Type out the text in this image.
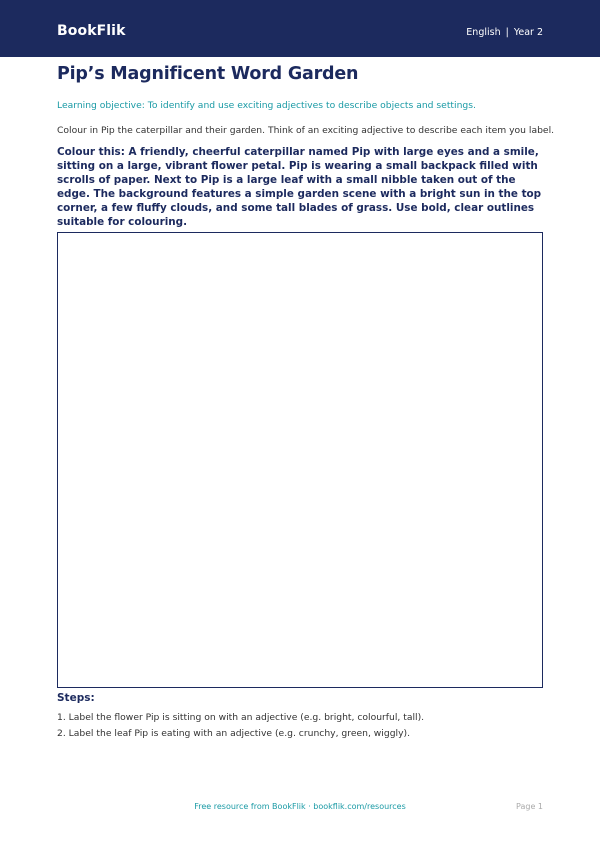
BookFlik	English | Year 2
Pip’s Magnificent Word Garden

Learning objective: To identify and use exciting adjectives to describe objects and settings.

Colour in Pip the caterpillar and their garden. Think of an exciting adjective to describe each item you label.

Colour this: A friendly, cheerful caterpillar named Pip with large eyes and a smile, sitting on a large, vibrant flower petal. Pip is wearing a small backpack filled with scrolls of paper. Next to Pip is a large leaf with a small nibble taken out of the edge. The background features a simple garden scene with a bright sun in the top corner, a few fluffy clouds, and some tall blades of grass. Use bold, clear outlines suitable for colouring.

Steps:
1. Label the flower Pip is sitting on with an adjective (e.g. bright, colourful, tall).
2. Label the leaf Pip is eating with an adjective (e.g. crunchy, green, wiggly).
Free resource from BookFlik · bookflik.com/resources	Page 1
